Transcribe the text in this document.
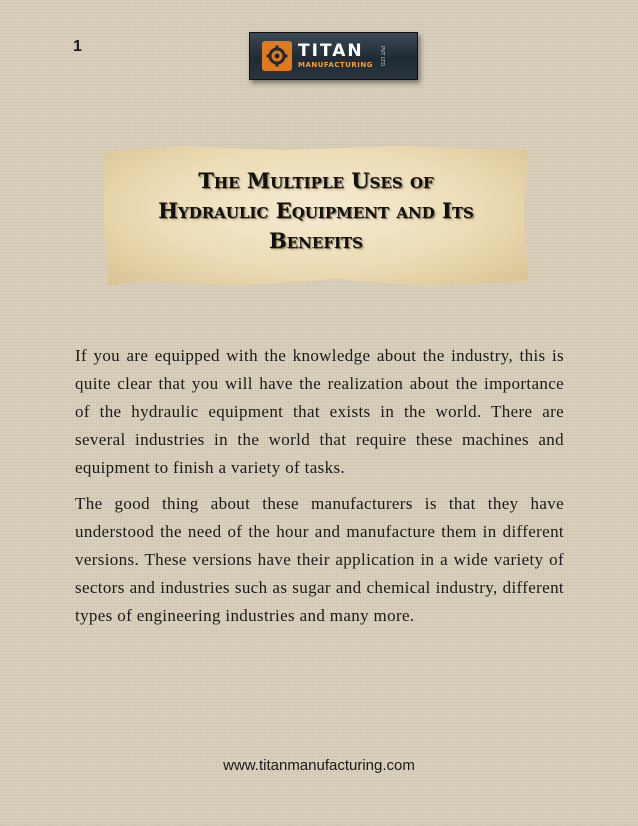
1	TITAN
MANUFACTURING PVT LTD
The Multiple Uses of
Hydraulic Equipment and Its
Benefits

If you are equipped with the knowledge about the industry, this is quite clear that you will have the realization about the importance of the hydraulic equipment that exists in the world. There are several industries in the world that require these machines and equipment to finish a variety of tasks.

The good thing about these manufacturers is that they have understood the need of the hour and manufacture them in different versions. These versions have their application in a wide variety of sectors and industries such as sugar and chemical industry, different types of engineering industries and many more.

www.titanmanufacturing.com
